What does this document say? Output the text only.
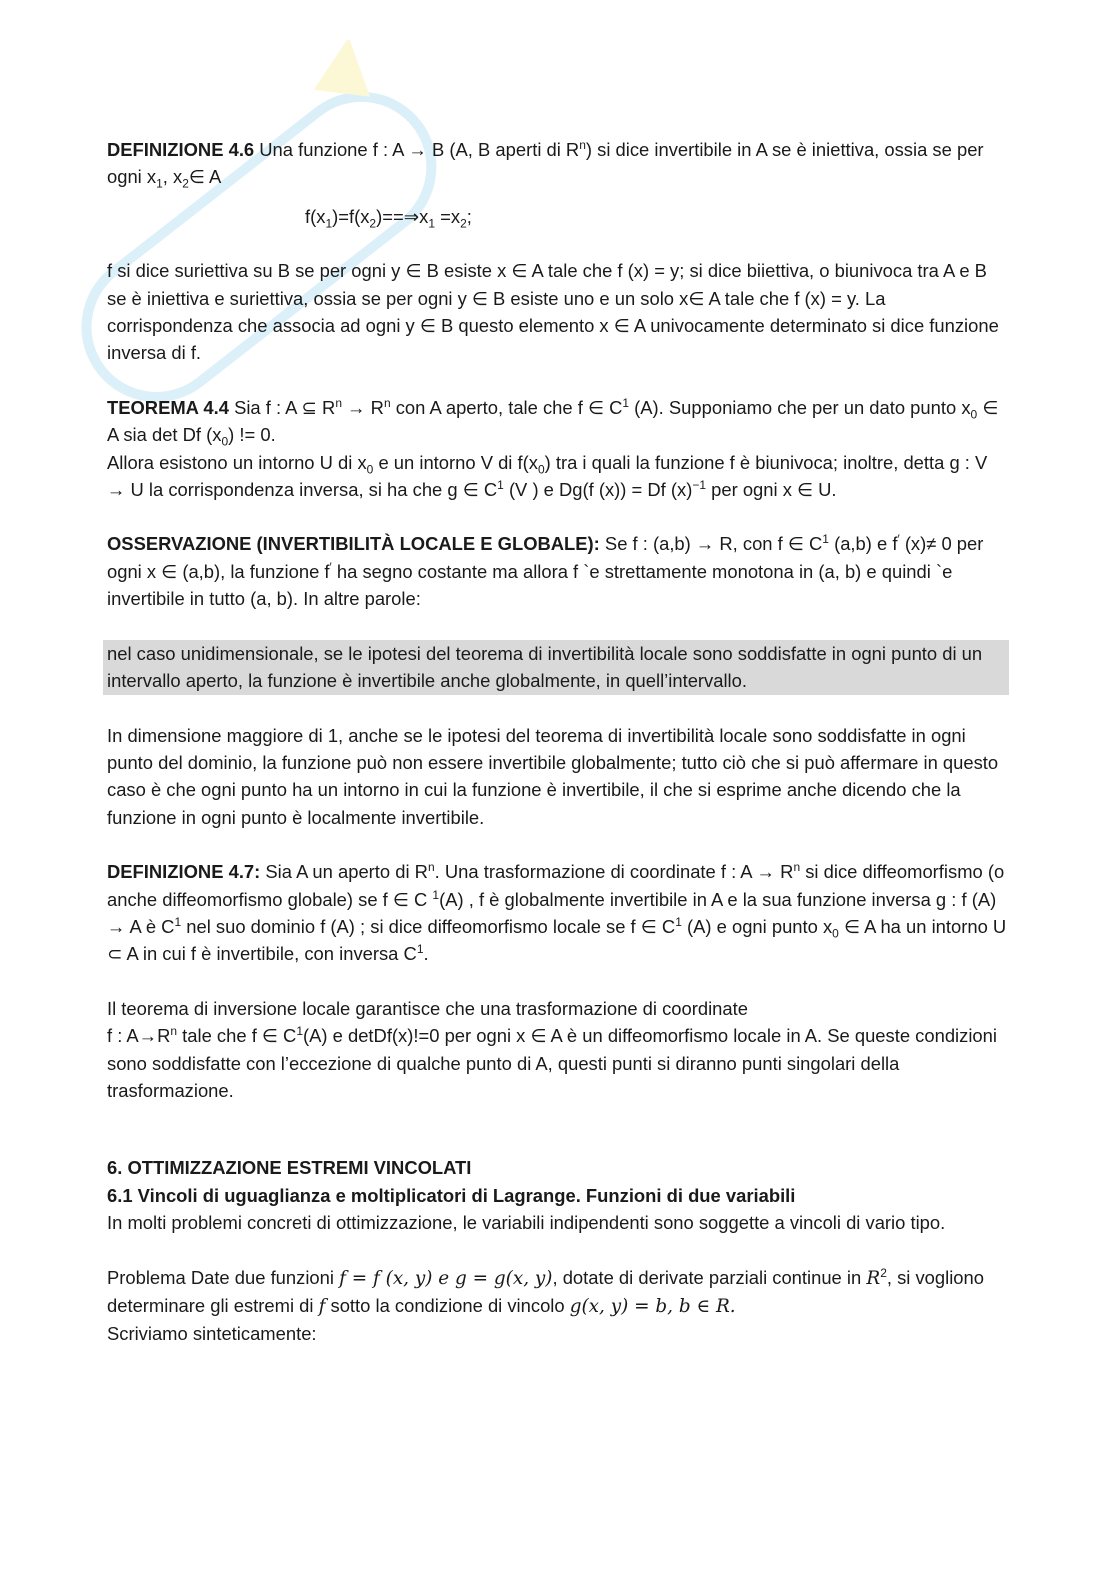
DEFINIZIONE 4.6 Una funzione f : A → B (A, B aperti di $R^n$) si dice invertibile in A se è iniettiva, ossia se per ogni $x_1$, $x_2\in$ A

$f(x_1)=f(x_2)==\Rightarrow x_1 =x_2$;

f si dice suriettiva su B se per ogni y ∈ B esiste x ∈ A tale che f (x) = y; si dice biiettiva, o biunivoca tra A e B se è iniettiva e suriettiva, ossia se per ogni y ∈ B esiste uno e un solo x∈ A tale che f (x) = y. La corrispondenza che associa ad ogni y ∈ B questo elemento x ∈ A univocamente determinato si dice funzione inversa di f.

TEOREMA 4.4 Sia f : A ⊆ $R^n \to R^n$ con A aperto, tale che f ∈ $C^1$ (A). Supponiamo che per un dato punto $x_0$ ∈ A sia det Df $(x_0)$ != 0.

Allora esistono un intorno U di $x_0$ e un intorno V di $f(x_0)$ tra i quali la funzione f è biunivoca; inoltre, detta g : V → U la corrispondenza inversa, si ha che g ∈ $C^1$ (V ) e Dg(f (x)) = Df $(x)^{-1}$ per ogni x ∈ U.

OSSERVAZIONE (INVERTIBILITÀ LOCALE E GLOBALE): Se f : (a,b) → R, con f ∈ $C^1$ (a,b) e f′ (x)≠ 0 per ogni x ∈ (a,b), la funzione f′ ha segno costante ma allora f `e strettamente monotona in (a, b) e quindi `e invertibile in tutto (a, b). In altre parole:

nel caso unidimensionale, se le ipotesi del teorema di invertibilità locale sono soddisfatte in ogni punto di un intervallo aperto, la funzione è invertibile anche globalmente, in quell’intervallo.

In dimensione maggiore di 1, anche se le ipotesi del teorema di invertibilità locale sono soddisfatte in ogni punto del dominio, la funzione può non essere invertibile globalmente; tutto ciò che si può affermare in questo caso è che ogni punto ha un intorno in cui la funzione è invertibile, il che si esprime anche dicendo che la funzione in ogni punto è localmente invertibile.

DEFINIZIONE 4.7: Sia A un aperto di $R^n$. Una trasformazione di coordinate f : $A \to R^n$ si dice diffeomorfismo (o anche diffeomorfismo globale) se f ∈ C $^1$(A) , f è globalmente invertibile in A e la sua funzione inversa g : f (A) → A è $C^1$ nel suo dominio f (A) ; si dice diffeomorfismo locale se f ∈ $C^1$ (A) e ogni punto $x_0$ ∈ A ha un intorno U ⊂ A in cui f è invertibile, con inversa $C^1$.

Il teorema di inversione locale garantisce che una trasformazione di coordinate
f : $A\to R^n$ tale che f ∈ $C^1(A)$ e detDf(x)!=0 per ogni x ∈ A è un diffeomorfismo locale in A. Se queste condizioni sono soddisfatte con l’eccezione di qualche punto di A, questi punti si diranno punti singolari della trasformazione.

6. OTTIMIZZAZIONE ESTREMI VINCOLATI

6.1 Vincoli di uguaglianza e moltiplicatori di Lagrange. Funzioni di due variabili

In molti problemi concreti di ottimizzazione, le variabili indipendenti sono soggette a vincoli di vario tipo.

Problema Date due funzioni f = f (x, y) e g = g(x, y), dotate di derivate parziali continue in $R^2$, si vogliono determinare gli estremi di f sotto la condizione di vincolo g(x, y) = b, b ∈ R.
Scriviamo sinteticamente:
